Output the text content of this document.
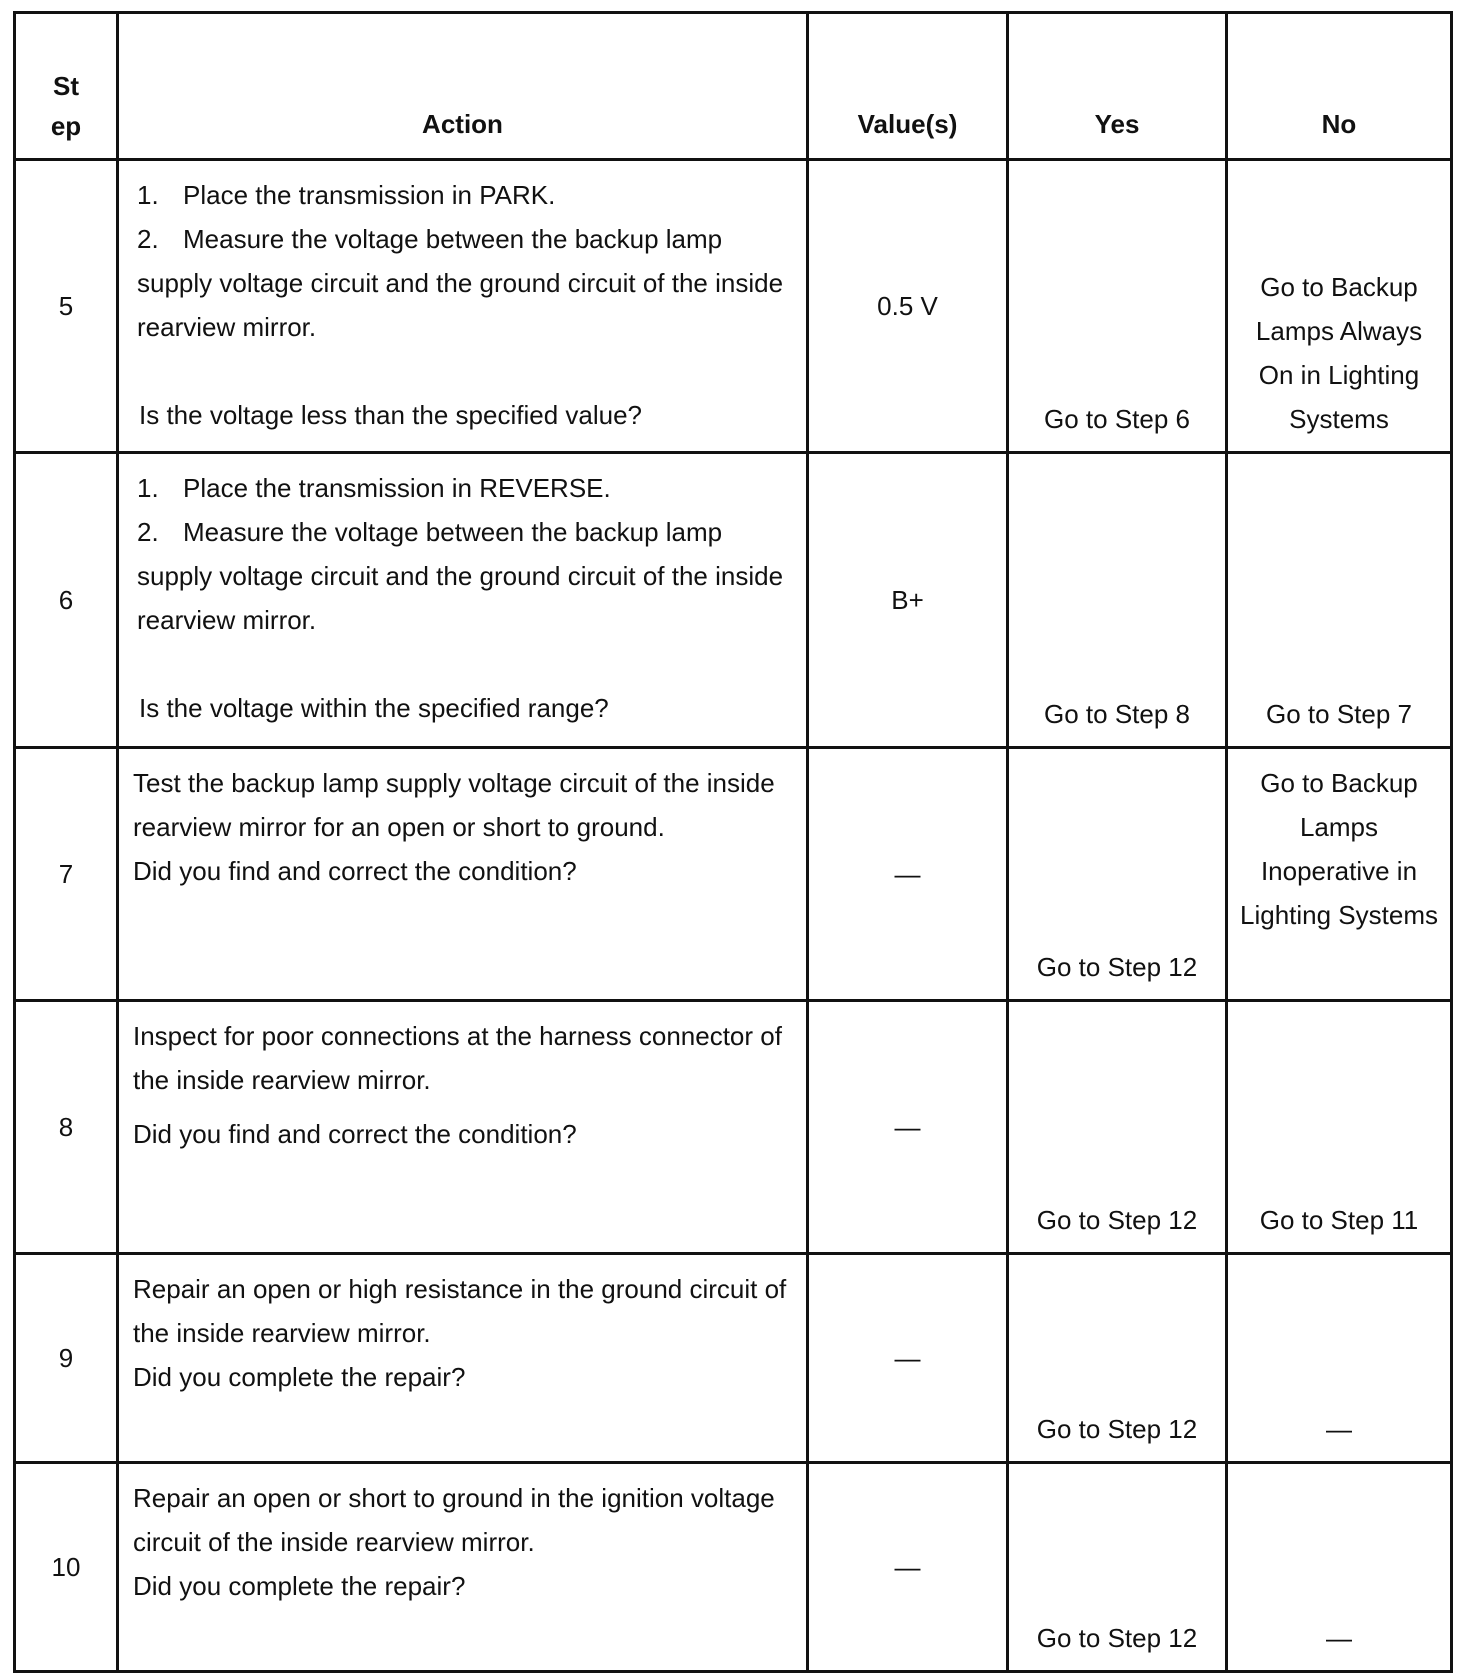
St
ep	Action	Value(s)	Yes	No
5	1. Place the transmission in PARK.
2. Measure the voltage between the backup lamp supply voltage circuit and the ground circuit of the inside rearview mirror.
Is the voltage less than the specified value?	0.5 V	Go to Step 6	Go to Backup Lamps Always On in Lighting Systems
6	1. Place the transmission in REVERSE.
2. Measure the voltage between the backup lamp supply voltage circuit and the ground circuit of the inside rearview mirror.
Is the voltage within the specified range?	B+	Go to Step 8	Go to Step 7
7	Test the backup lamp supply voltage circuit of the inside rearview mirror for an open or short to ground.
Did you find and correct the condition?	—	Go to Step 12	Go to Backup Lamps Inoperative in Lighting Systems
8	Inspect for poor connections at the harness connector of the inside rearview mirror.
Did you find and correct the condition?	—	Go to Step 12	Go to Step 11
9	Repair an open or high resistance in the ground circuit of the inside rearview mirror.
Did you complete the repair?	—	Go to Step 12	—
10	Repair an open or short to ground in the ignition voltage circuit of the inside rearview mirror.
Did you complete the repair?	—	Go to Step 12	—
